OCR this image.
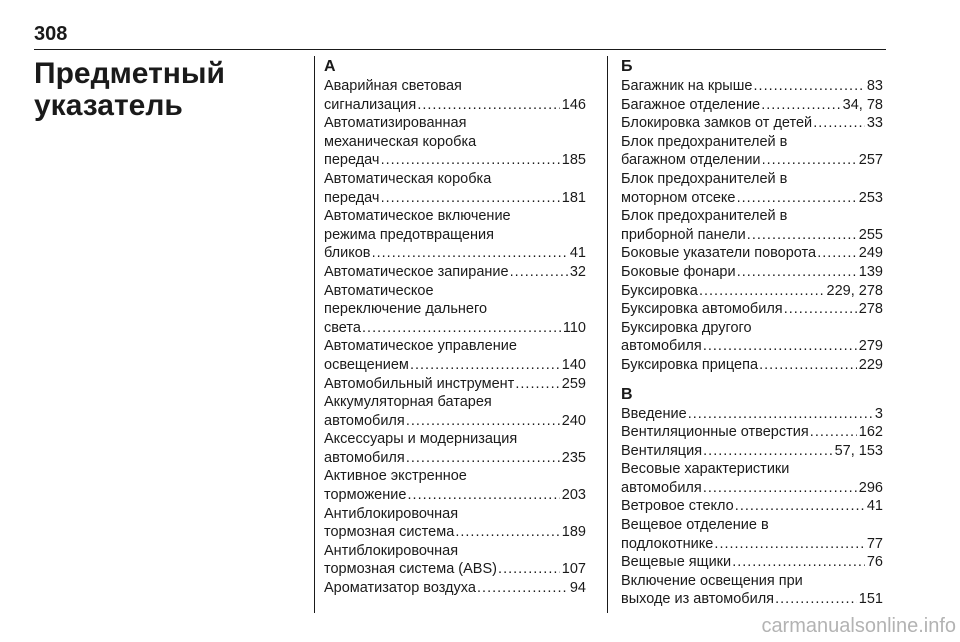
308
Предметный
указатель
А
Аварийная световая
сигнализация .....	146
Автоматизированная
механическая коробка
передач .....	185
Автоматическая коробка
передач .....	181
Автоматическое включение
режима предотвращения
бликов .....	41
Автоматическое запирание .....	32
Автоматическое
переключение дальнего
света .....	110
Автоматическое управление
освещением .....	140
Автомобильный инструмент .....	259
Аккумуляторная батарея
автомобиля .....	240
Аксессуары и модернизация
автомобиля .....	235
Активное экстренное
торможение .....	203
Антиблокировочная
тормозная система .....	189
Антиблокировочная
тормозная система (ABS) .....	107
Ароматизатор воздуха .....	94
Б
Багажник на крыше .....	83
Багажное отделение .....	34, 78
Блокировка замков от детей .....	33
Блок предохранителей в
багажном отделении .....	257
Блок предохранителей в
моторном отсеке .....	253
Блок предохранителей в
приборной панели .....	255
Боковые указатели поворота .....	249
Боковые фонари .....	139
Буксировка .....	229, 278
Буксировка автомобиля .....	278
Буксировка другого
автомобиля .....	279
Буксировка прицепа .....	229
В
Введение .....	3
Вентиляционные отверстия .....	162
Вентиляция .....	57, 153
Весовые характеристики
автомобиля .....	296
Ветровое стекло .....	41
Вещевое отделение в
подлокотнике .....	77
Вещевые ящики .....	76
Включение освещения при
выходе из автомобиля .....	151
carmanualsonline.info
